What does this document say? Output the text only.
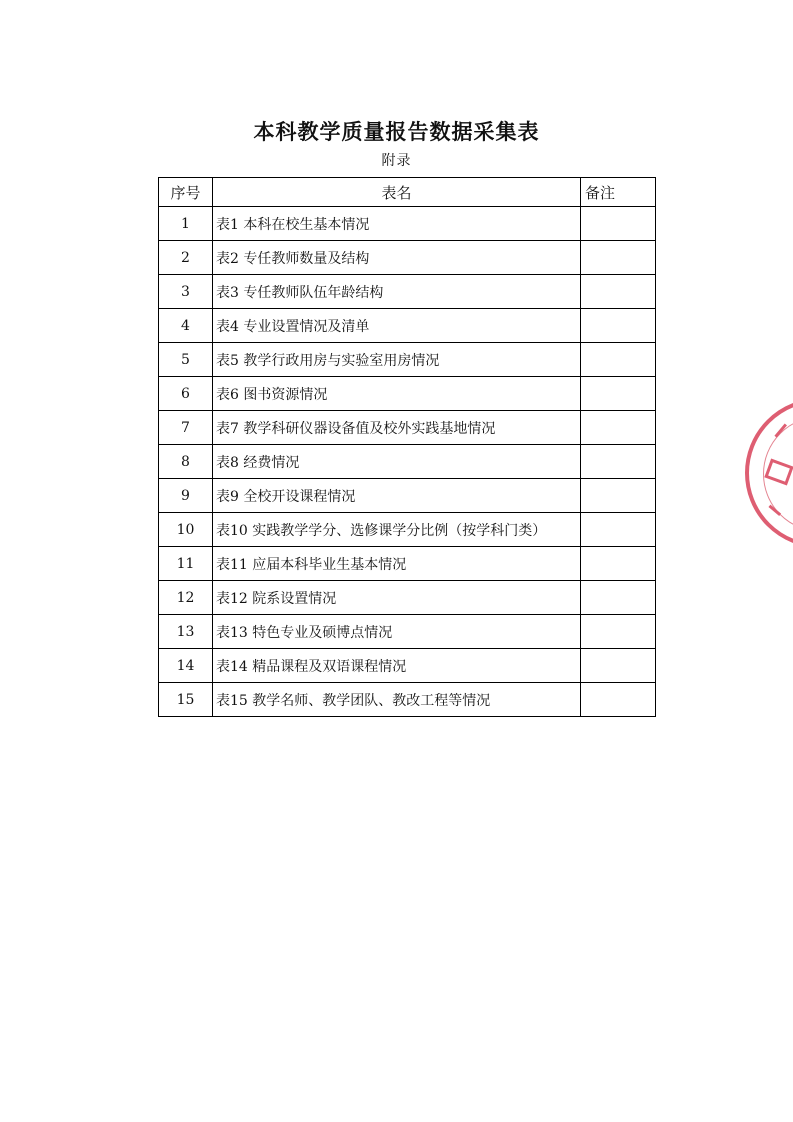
本科教学质量报告数据采集表
附录
序号	表名	备注
1	表1 本科在校生基本情况	
2	表2 专任教师数量及结构	
3	表3 专任教师队伍年龄结构	
4	表4 专业设置情况及清单	
5	表5 教学行政用房与实验室用房情况	
6	表6 图书资源情况	
7	表7 教学科研仪器设备值及校外实践基地情况	
8	表8 经费情况	
9	表9 全校开设课程情况	
10	表10 实践教学学分、选修课学分比例（按学科门类）	
11	表11 应届本科毕业生基本情况	
12	表12 院系设置情况	
13	表13 特色专业及硕博点情况	
14	表14 精品课程及双语课程情况	
15	表15 教学名师、教学团队、教改工程等情况	
